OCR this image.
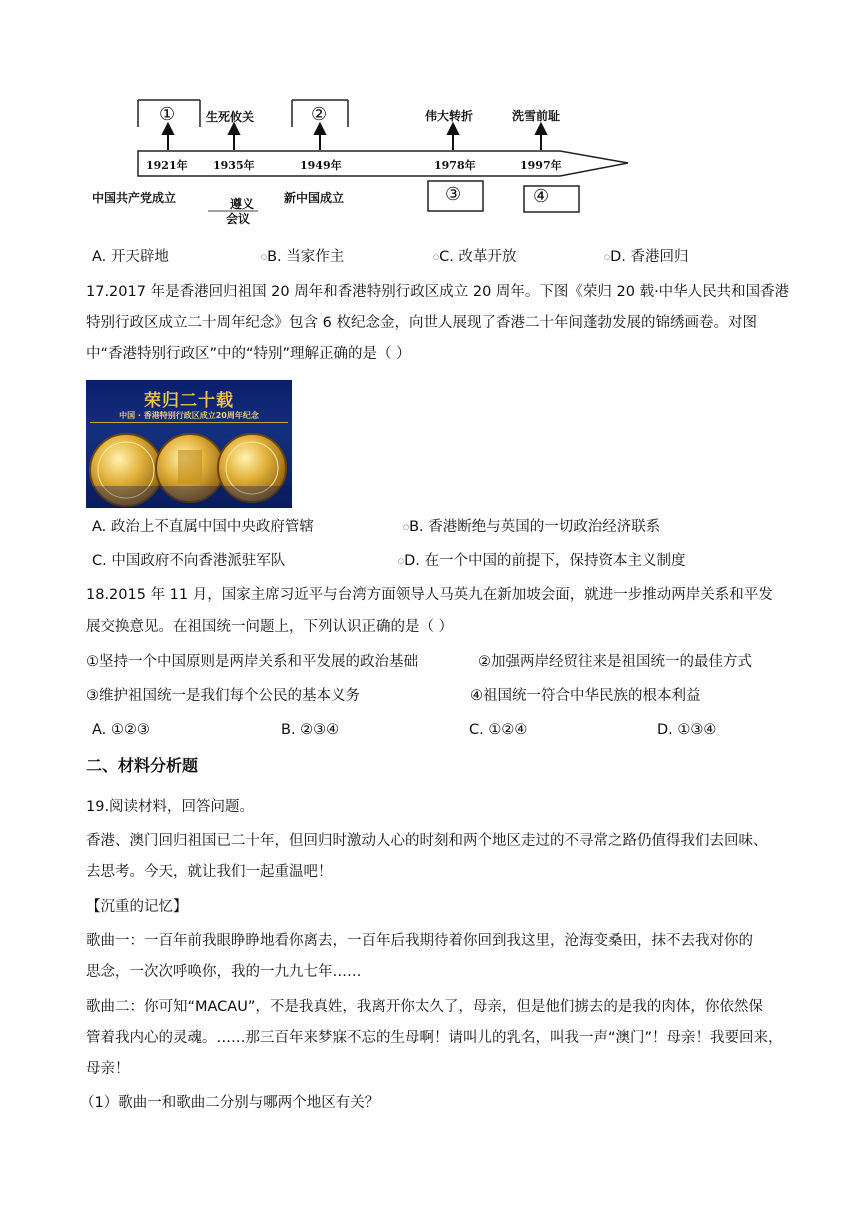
①	生死攸关	②	伟大转折	洗雪前耻
1921年 1935年	1949年	1978年	1997年
中国共产党成立	遵义
会议
新中国成立	③	④
A. 开天辟地	○B. 当家作主	○C. 改革开放	○D. 香港回归
17.2017 年是香港回归祖国 20 周年和香港特别行政区成立 20 周年。下图《荣归 20 载·中华人民共和国香港
特别行政区成立二十周年纪念》包含 6 枚纪念金，向世人展现了香港二十年间蓬勃发展的锦绣画卷。对图
中“香港特别行政区”中的“特别”理解正确的是（ ）
荣归二十载
中国 · 香港特别行政区成立20周年纪念
A. 政治上不直属中国中央政府管辖	○B. 香港断绝与英国的一切政治经济联系
C. 中国政府不向香港派驻军队	○D. 在一个中国的前提下，保持资本主义制度
18.2015 年 11 月，国家主席习近平与台湾方面领导人马英九在新加坡会面，就进一步推动两岸关系和平发
展交换意见。在祖国统一问题上，下列认识正确的是（ ）
①坚持一个中国原则是两岸关系和平发展的政治基础	②加强两岸经贸往来是祖国统一的最佳方式
③维护祖国统一是我们每个公民的基本义务	④祖国统一符合中华民族的根本利益
A. ①②③	B. ②③④	C. ①②④	D. ①③④
二、材料分析题
19.阅读材料，回答问题。
香港、澳门回归祖国已二十年，但回归时激动人心的时刻和两个地区走过的不寻常之路仍值得我们去回味、
去思考。今天，就让我们一起重温吧！
【沉重的记忆】
歌曲一：一百年前我眼睁睁地看你离去，一百年后我期待着你回到我这里，沧海变桑田，抹不去我对你的
思念，一次次呼唤你，我的一九九七年……
歌曲二：你可知“MACAU”，不是我真姓，我离开你太久了，母亲，但是他们掳去的是我的肉体，你依然保
管着我内心的灵魂。……那三百年来梦寐不忘的生母啊！请叫儿的乳名，叫我一声“澳门”！母亲！我要回来，
母亲！
（1）歌曲一和歌曲二分别与哪两个地区有关？
